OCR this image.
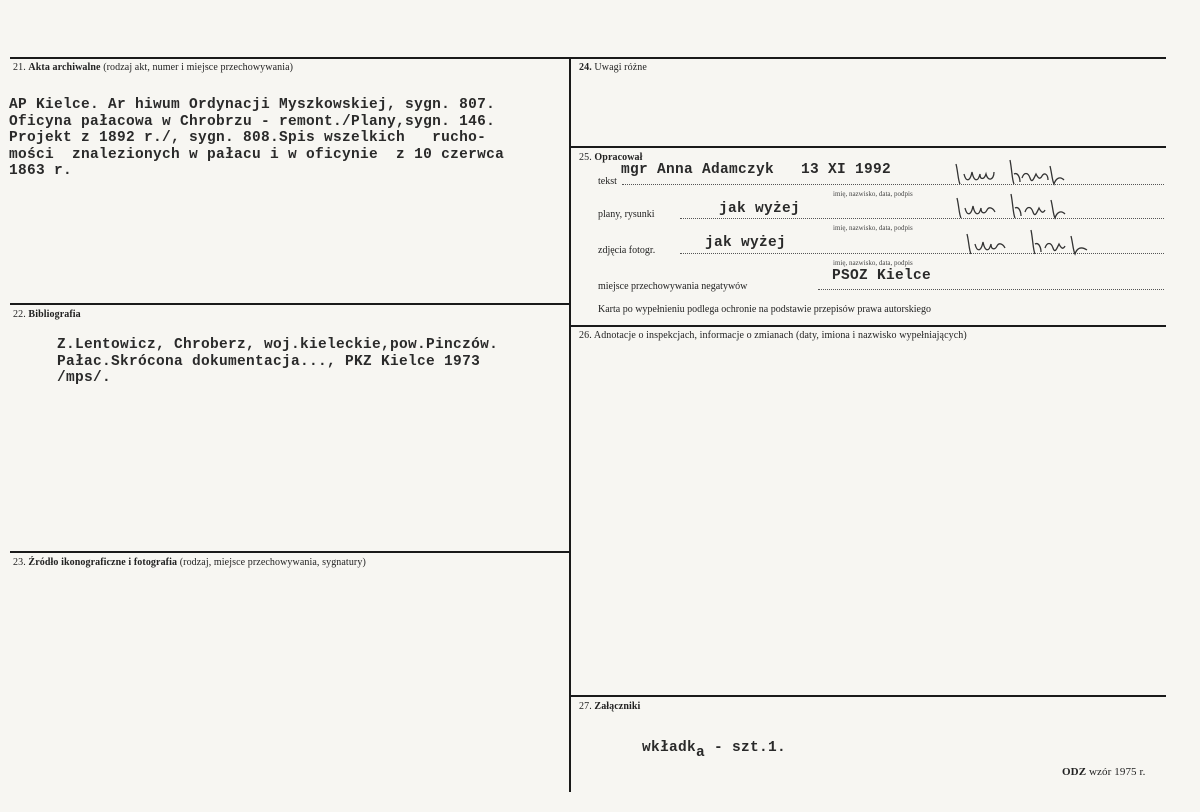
21. Akta archiwalne (rodzaj akt, numer i miejsce przechowywania)
AP Kielce. Ar hiwum Ordynacji Myszkowskiej, sygn. 807.
Oficyna pałacowa w Chrobrzu - remont./Plany,sygn. 146.
Projekt z 1892 r./, sygn. 808.Spis wszelkich   rucho-
mości  znalezionych w pałacu i w oficynie  z 10 czerwca
1863 r.
22. Bibliografia
Z.Lentowicz, Chroberz, woj.kieleckie,pow.Pinczów.
Pałac.Skrócona dokumentacja..., PKZ Kielce 1973
/mps/.
23. Źródło ikonograficzne i fotografia (rodzaj, miejsce przechowywania, sygnatury)
24. Uwagi różne
25. Opracował
tekst
mgr Anna Adamczyk   13 XI 1992
imię, nazwisko, data, podpis
plany, rysunki	jak wyżej
imię, nazwisko, data, podpis
zdjęcia fotogr.	jak wyżej
imię, nazwisko, data, podpis
miejsce przechowywania negatywów
PSOZ Kielce
Karta po wypełnieniu podlega ochronie na podstawie przepisów prawa autorskiego
26. Adnotacje o inspekcjach, informacje o zmianach (daty, imiona i nazwisko wypełniających)
27. Załączniki

wkładka - szt.1.

ODZ wzór 1975 r.
